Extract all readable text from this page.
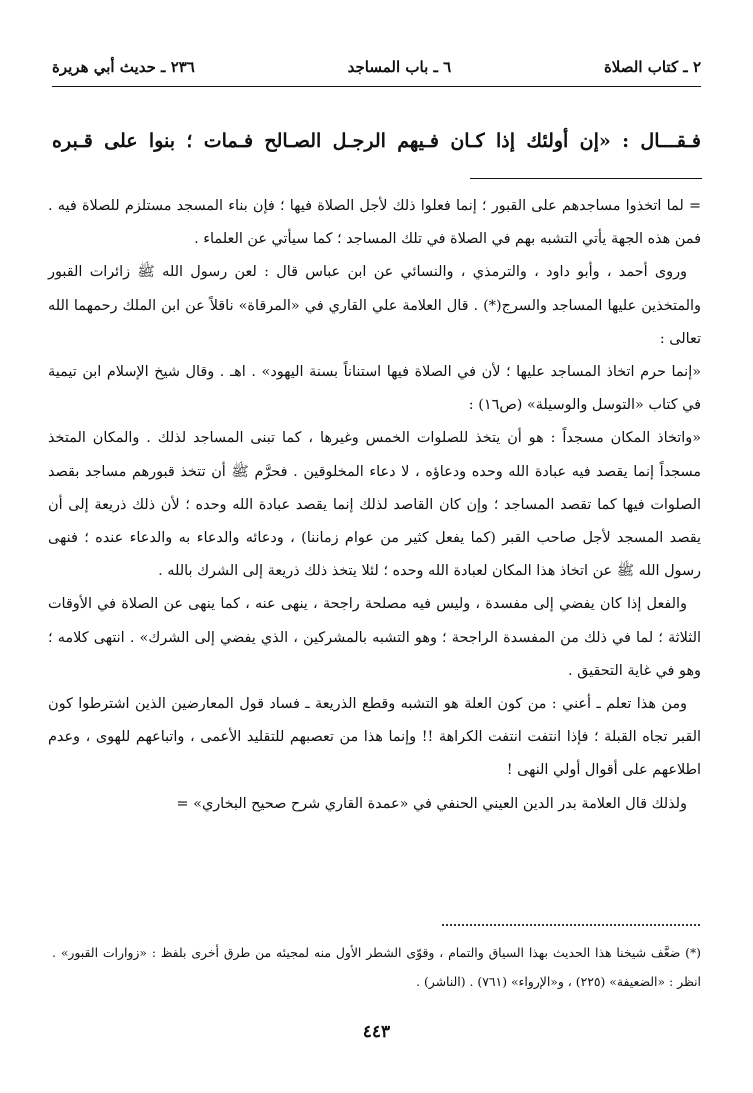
٢ ـ كتاب الصلاة
٦ ـ باب المساجد
٢٣٦ ـ حديث أبي هريرة
فـقـــال : «إن أولئك إذا كـان فـيهم الرجـل الصـالح فـمات ؛ بنوا على قـبره

= لما اتخذوا مساجدهم على القبور ؛ إنما فعلوا ذلك لأجل الصلاة فيها ؛ فإن بناء المسجد مستلزم للصلاة فيه . فمن هذه الجهة يأتي التشبه بهم في الصلاة في تلك المساجد ؛ كما سيأتي عن العلماء .

وروى أحمد ، وأبو داود ، والترمذي ، والنسائي عن ابن عباس قال : لعن رسول الله ﷺ زائرات القبور والمتخذين عليها المساجد والسرج(*) . قال العلامة علي القاري في «المرقاة» ناقلاً عن ابن الملك رحمهما الله تعالى :

«إنما حرم اتخاذ المساجد عليها ؛ لأن في الصلاة فيها استناناً بسنة اليهود» . اهـ . وقال شيخ الإسلام ابن تيمية في كتاب «التوسل والوسيلة» (ص١٦) :

«واتخاذ المكان مسجداً : هو أن يتخذ للصلوات الخمس وغيرها ، كما تبنى المساجد لذلك . والمكان المتخذ مسجداً إنما يقصد فيه عبادة الله وحده ودعاؤه ، لا دعاء المخلوقين . فحرَّم ﷺ أن تتخذ قبورهم مساجد بقصد الصلوات فيها كما تقصد المساجد ؛ وإن كان القاصد لذلك إنما يقصد عبادة الله وحده ؛ لأن ذلك ذريعة إلى أن يقصد المسجد لأجل صاحب القبر (كما يفعل كثير من عوام زماننا) ، ودعائه والدعاء به والدعاء عنده ؛ فنهى رسول الله ﷺ عن اتخاذ هذا المكان لعبادة الله وحده ؛ لئلا يتخذ ذلك ذريعة إلى الشرك بالله .

والفعل إذا كان يفضي إلى مفسدة ، وليس فيه مصلحة راجحة ، ينهى عنه ، كما ينهى عن الصلاة في الأوقات الثلاثة ؛ لما في ذلك من المفسدة الراجحة ؛ وهو التشبه بالمشركين ، الذي يفضي إلى الشرك» . انتهى كلامه ؛ وهو في غاية التحقيق .

ومن هذا تعلم ـ أعني : من كون العلة هو التشبه وقطع الذريعة ـ فساد قول المعارضين الذين اشترطوا كون القبر تجاه القبلة ؛ فإذا انتفت انتفت الكراهة !! وإنما هذا من تعصبهم للتقليد الأعمى ، واتباعهم للهوى ، وعدم اطلاعهم على أقوال أولي النهى !

ولذلك قال العلامة بدر الدين العيني الحنفي في «عمدة القاري شرح صحيح البخاري» =

(*) ضعَّف شيخنا هذا الحديث بهذا السياق والتمام ، وقوّى الشطر الأول منه لمجيئه من طرق أخرى بلفظ : «زوارات القبور» . انظر : «الضعيفة» (٢٢٥) ، و«الإرواء» (٧٦١) . (الناشر) .

٤٤٣
